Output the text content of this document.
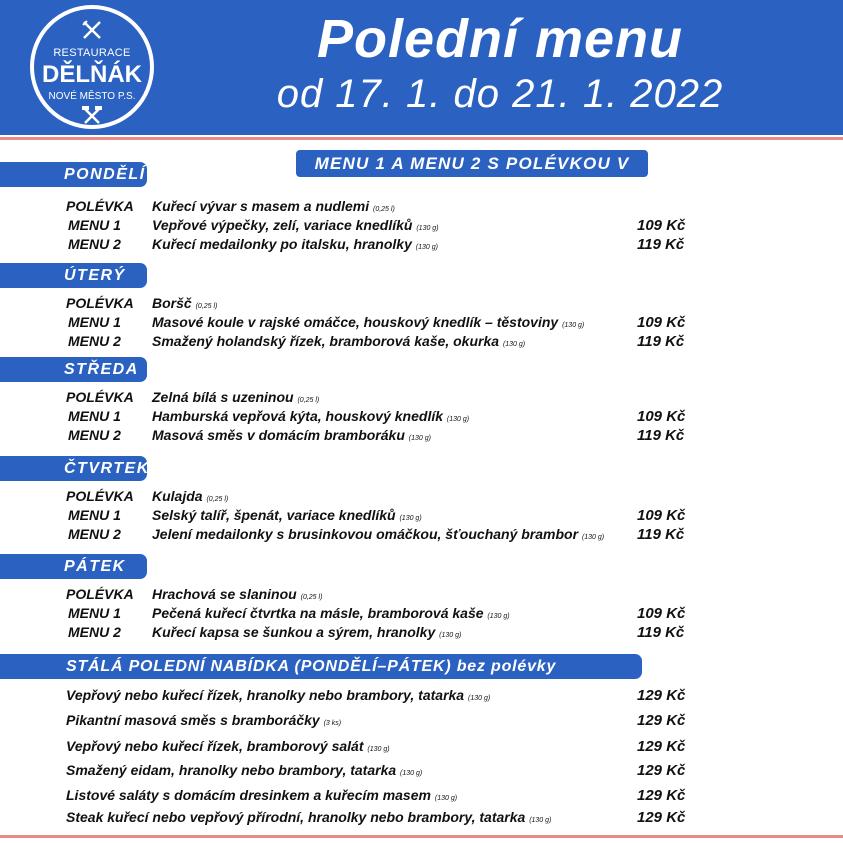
RESTAURACE
DĚLŇÁK
NOVÉ MĚSTO P.S.
Polední menu
od 17. 1. do 21. 1. 2022
MENU 1 A MENU 2 S POLÉVKOU V CENĚ
PONDĚLÍ
POLÉVKA Kuřecí vývar s masem a nudlemi (0,25 l)
MENU 1 Vepřové výpečky, zelí, variace knedlíků (130 g)	109 Kč
MENU 2 Kuřecí medailonky po italsku, hranolky (130 g)	119 Kč
ÚTERÝ
POLÉVKA Boršč (0,25 l)
MENU 1 Masové koule v rajské omáčce, houskový knedlík – těstoviny (130 g)	109 Kč
MENU 2 Smažený holandský řízek, bramborová kaše, okurka (130 g)	119 Kč
STŘEDA
POLÉVKA Zelná bílá s uzeninou (0,25 l)
MENU 1 Hamburská vepřová kýta, houskový knedlík (130 g)	109 Kč
MENU 2 Masová směs v domácím bramboráku (130 g)	119 Kč
ČTVRTEK
POLÉVKA Kulajda (0,25 l)
MENU 1 Selský talíř, špenát, variace knedlíků (130 g)	109 Kč
MENU 2 Jelení medailonky s brusinkovou omáčkou, šťouchaný brambor (130 g) 119 Kč
PÁTEK
POLÉVKA Hrachová se slaninou (0,25 l)
MENU 1 Pečená kuřecí čtvrtka na másle, bramborová kaše (130 g)	109 Kč
MENU 2 Kuřecí kapsa se šunkou a sýrem, hranolky (130 g)	119 Kč
STÁLÁ POLEDNÍ NABÍDKA (PONDĚLÍ–PÁTEK) bez polévky
Vepřový nebo kuřecí řízek, hranolky nebo brambory, tatarka (130 g)	129 Kč
Pikantní masová směs s bramboráčky (3 ks)	129 Kč
Vepřový nebo kuřecí řízek, bramborový salát (130 g)	129 Kč
Smažený eidam, hranolky nebo brambory, tatarka (130 g)	129 Kč
Listové saláty s domácím dresinkem a kuřecím masem (130 g)	129 Kč
Steak kuřecí nebo vepřový přírodní, hranolky nebo brambory, tatarka (130 g)	129 Kč
